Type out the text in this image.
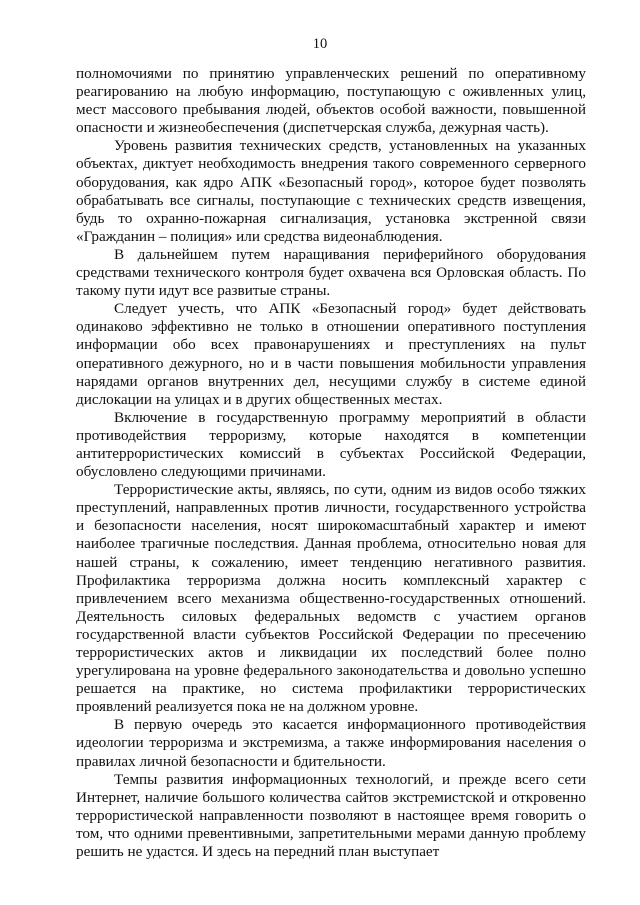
10

полномочиями по принятию управленческих решений по оперативному реагированию на любую информацию, поступающую с оживленных улиц, мест массового пребывания людей, объектов особой важности, повышенной опасности и жизнеобеспечения (диспетчерская служба, дежурная часть).

Уровень развития технических средств, установленных на указанных объектах, диктует необходимость внедрения такого современного серверного оборудования, как ядро АПК «Безопасный город», которое будет позволять обрабатывать все сигналы, поступающие с технических средств извещения, будь то охранно-пожарная сигнализация, установка экстренной связи «Гражданин – полиция» или средства видеонаблюдения.

В дальнейшем путем наращивания периферийного оборудования средствами технического контроля будет охвачена вся Орловская область. По такому пути идут все развитые страны.

Следует учесть, что АПК «Безопасный город» будет действовать одинаково эффективно не только в отношении оперативного поступления информации обо всех правонарушениях и преступлениях на пульт оперативного дежурного, но и в части повышения мобильности управления нарядами органов внутренних дел, несущими службу в системе единой дислокации на улицах и в других общественных местах.

Включение в государственную программу мероприятий в области противодействия терроризму, которые находятся в компетенции антитеррористических комиссий в субъектах Российской Федерации, обусловлено следующими причинами.

Террористические акты, являясь, по сути, одним из видов особо тяжких преступлений, направленных против личности, государственного устройства и безопасности населения, носят широкомасштабный характер и имеют наиболее трагичные последствия. Данная проблема, относительно новая для нашей страны, к сожалению, имеет тенденцию негативного развития. Профилактика терроризма должна носить комплексный характер с привлечением всего механизма общественно-государственных отношений. Деятельность силовых федеральных ведомств с участием органов государственной власти субъектов Российской Федерации по пресечению террористических актов и ликвидации их последствий более полно урегулирована на уровне федерального законодательства и довольно успешно решается на практике, но система профилактики террористических проявлений реализуется пока не на должном уровне.

В первую очередь это касается информационного противодействия идеологии терроризма и экстремизма, а также информирования населения о правилах личной безопасности и бдительности.

Темпы развития информационных технологий, и прежде всего сети Интернет, наличие большого количества сайтов экстремистской и откровенно террористической направленности позволяют в настоящее время говорить о том, что одними превентивными, запретительными мерами данную проблему решить не удастся. И здесь на передний план выступает
